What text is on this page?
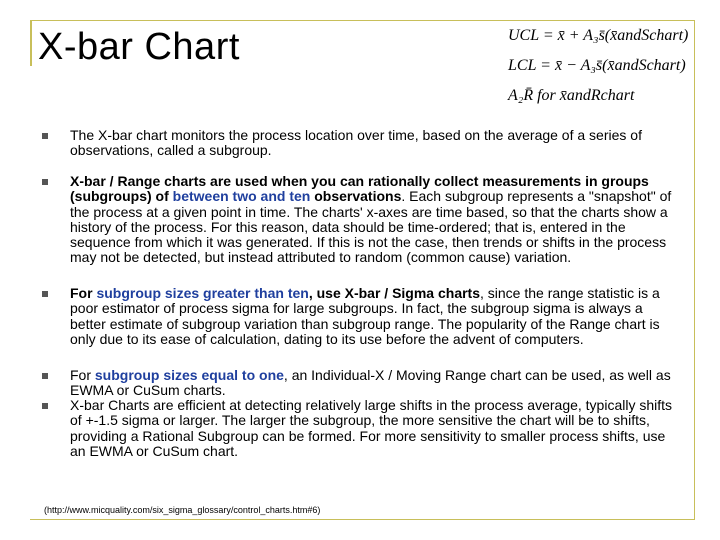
X-bar Chart	UCL = x̄ + A₃s̄(x̄andSchart)
LCL = x̄ − A₃s̄(x̄andSchart)
A₂R̄ for x̄andRchart
The X-bar chart monitors the process location over time, based on the average of a series of observations, called a subgroup.
X-bar / Range charts are used when you can rationally collect measurements in groups (subgroups) of between two and ten observations. Each subgroup represents a "snapshot" of the process at a given point in time. The charts' x-axes are time based, so that the charts show a history of the process. For this reason, data should be time-ordered; that is, entered in the sequence from which it was generated. If this is not the case, then trends or shifts in the process may not be detected, but instead attributed to random (common cause) variation.
For subgroup sizes greater than ten, use X-bar / Sigma charts, since the range statistic is a poor estimator of process sigma for large subgroups. In fact, the subgroup sigma is always a better estimate of subgroup variation than subgroup range. The popularity of the Range chart is only due to its ease of calculation, dating to its use before the advent of computers.
For subgroup sizes equal to one, an Individual-X / Moving Range chart can be used, as well as EWMA or CuSum charts.
X-bar Charts are efficient at detecting relatively large shifts in the process average, typically shifts of +-1.5 sigma or larger. The larger the subgroup, the more sensitive the chart will be to shifts, providing a Rational Subgroup can be formed. For more sensitivity to smaller process shifts, use an EWMA or CuSum chart.
(http://www.micquality.com/six_sigma_glossary/control_charts.htm#6)
